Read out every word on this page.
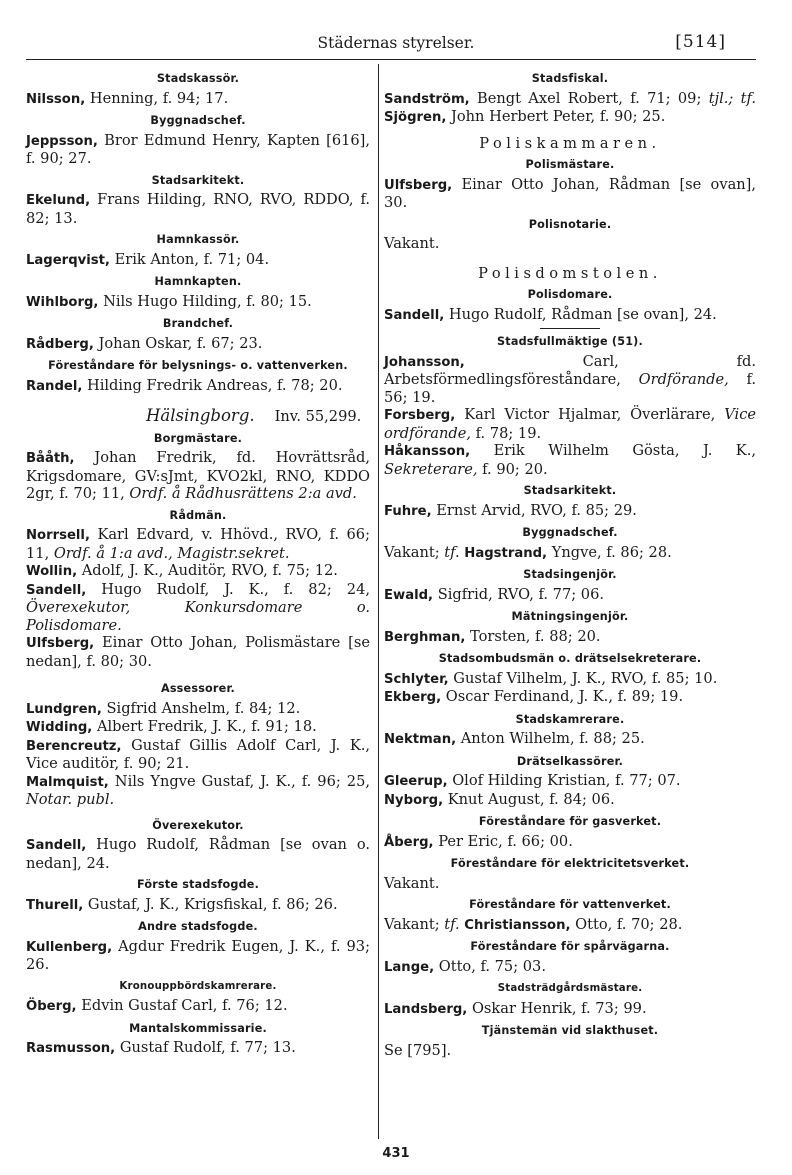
Städernas styrelser.	[514]
Stadskassör.
Nilsson, Henning, f. 94; 17.
Byggnadschef.
Jeppsson, Bror Edmund Henry, Kapten [616], f. 90; 27.
Stadsarkitekt.
Ekelund, Frans Hilding, RNO, RVO, RDDO, f. 82; 13.
Hamnkassör.
Lagerqvist, Erik Anton, f. 71; 04.
Hamnkapten.
Wihlborg, Nils Hugo Hilding, f. 80; 15.
Brandchef.
Rådberg, Johan Oskar, f. 67; 23.
Föreståndare för belysnings- o. vattenverken.
Randel, Hilding Fredrik Andreas, f. 78; 20.
Hälsingborg. Inv. 55,299.
Borgmästare.
Bååth, Johan Fredrik, fd. Hovrättsråd, Krigsdomare, GV:sJmt, KVO2kl, RNO, KDDO 2gr, f. 70; 11, Ordf. å Rådhusrättens 2:a avd.
Rådmän.
Norrsell, Karl Edvard, v. Hhövd., RVO, f. 66; 11, Ordf. å 1:a avd., Magistr.sekret.
Wollin, Adolf, J. K., Auditör, RVO, f. 75; 12.
Sandell, Hugo Rudolf, J. K., f. 82; 24, Överexekutor, Konkursdomare o. Polisdomare.
Ulfsberg, Einar Otto Johan, Polismästare [se nedan], f. 80; 30.
Assessorer.
Lundgren, Sigfrid Anshelm, f. 84; 12.
Widding, Albert Fredrik, J. K., f. 91; 18.
Berencreutz, Gustaf Gillis Adolf Carl, J. K., Vice auditör, f. 90; 21.
Malmquist, Nils Yngve Gustaf, J. K., f. 96; 25, Notar. publ.
Överexekutor.
Sandell, Hugo Rudolf, Rådman [se ovan o. nedan], 24.
Förste stadsfogde.
Thurell, Gustaf, J. K., Krigsfiskal, f. 86; 26.
Andre stadsfogde.
Kullenberg, Agdur Fredrik Eugen, J. K., f. 93; 26.
Kronouppbördskamrerare.
Öberg, Edvin Gustaf Carl, f. 76; 12.
Mantalskommissarie.
Rasmusson, Gustaf Rudolf, f. 77; 13.
Stadsfiskal.
Sandström, Bengt Axel Robert, f. 71; 09; tjl.; tf. Sjögren, John Herbert Peter, f. 90; 25.
Poliskammaren.
Polismästare.
Ulfsberg, Einar Otto Johan, Rådman [se ovan], 30.
Polisnotarie.
Vakant.
Polisdomstolen.
Polisdomare.
Sandell, Hugo Rudolf, Rådman [se ovan], 24.
Stadsfullmäktige (51).
Johansson,	Carl, fd. Arbetsförmedlingsföreståndare, Ordförande, f. 56; 19.
Forsberg, Karl Victor Hjalmar, Överlärare, Vice ordförande, f. 78; 19.
Håkansson, Erik Wilhelm Gösta, J. K., Sekreterare, f. 90; 20.
Stadsarkitekt.
Fuhre, Ernst Arvid, RVO, f. 85; 29.
Byggnadschef.
Vakant; tf. Hagstrand, Yngve, f. 86; 28.
Stadsingenjör.
Ewald, Sigfrid, RVO, f. 77; 06.
Mätningsingenjör.
Berghman, Torsten, f. 88; 20.
Stadsombudsmän o. drätselsekreterare.
Schlyter, Gustaf Vilhelm, J. K., RVO, f. 85; 10.
Ekberg, Oscar Ferdinand, J. K., f. 89; 19.
Stadskamrerare.
Nektman, Anton Wilhelm, f. 88; 25.
Drätselkassörer.
Gleerup, Olof Hilding Kristian, f. 77; 07.
Nyborg, Knut August, f. 84; 06.
Föreståndare för gasverket.
Åberg, Per Eric, f. 66; 00.
Föreståndare för elektricitetsverket.
Vakant.
Föreståndare för vattenverket.
Vakant; tf. Christiansson, Otto, f. 70; 28.
Föreståndare för spårvägarna.
Lange, Otto, f. 75; 03.
Stadsträdgårdsmästare.
Landsberg, Oskar Henrik, f. 73; 99.
Tjänstemän vid slakthuset.
Se [795].
431
